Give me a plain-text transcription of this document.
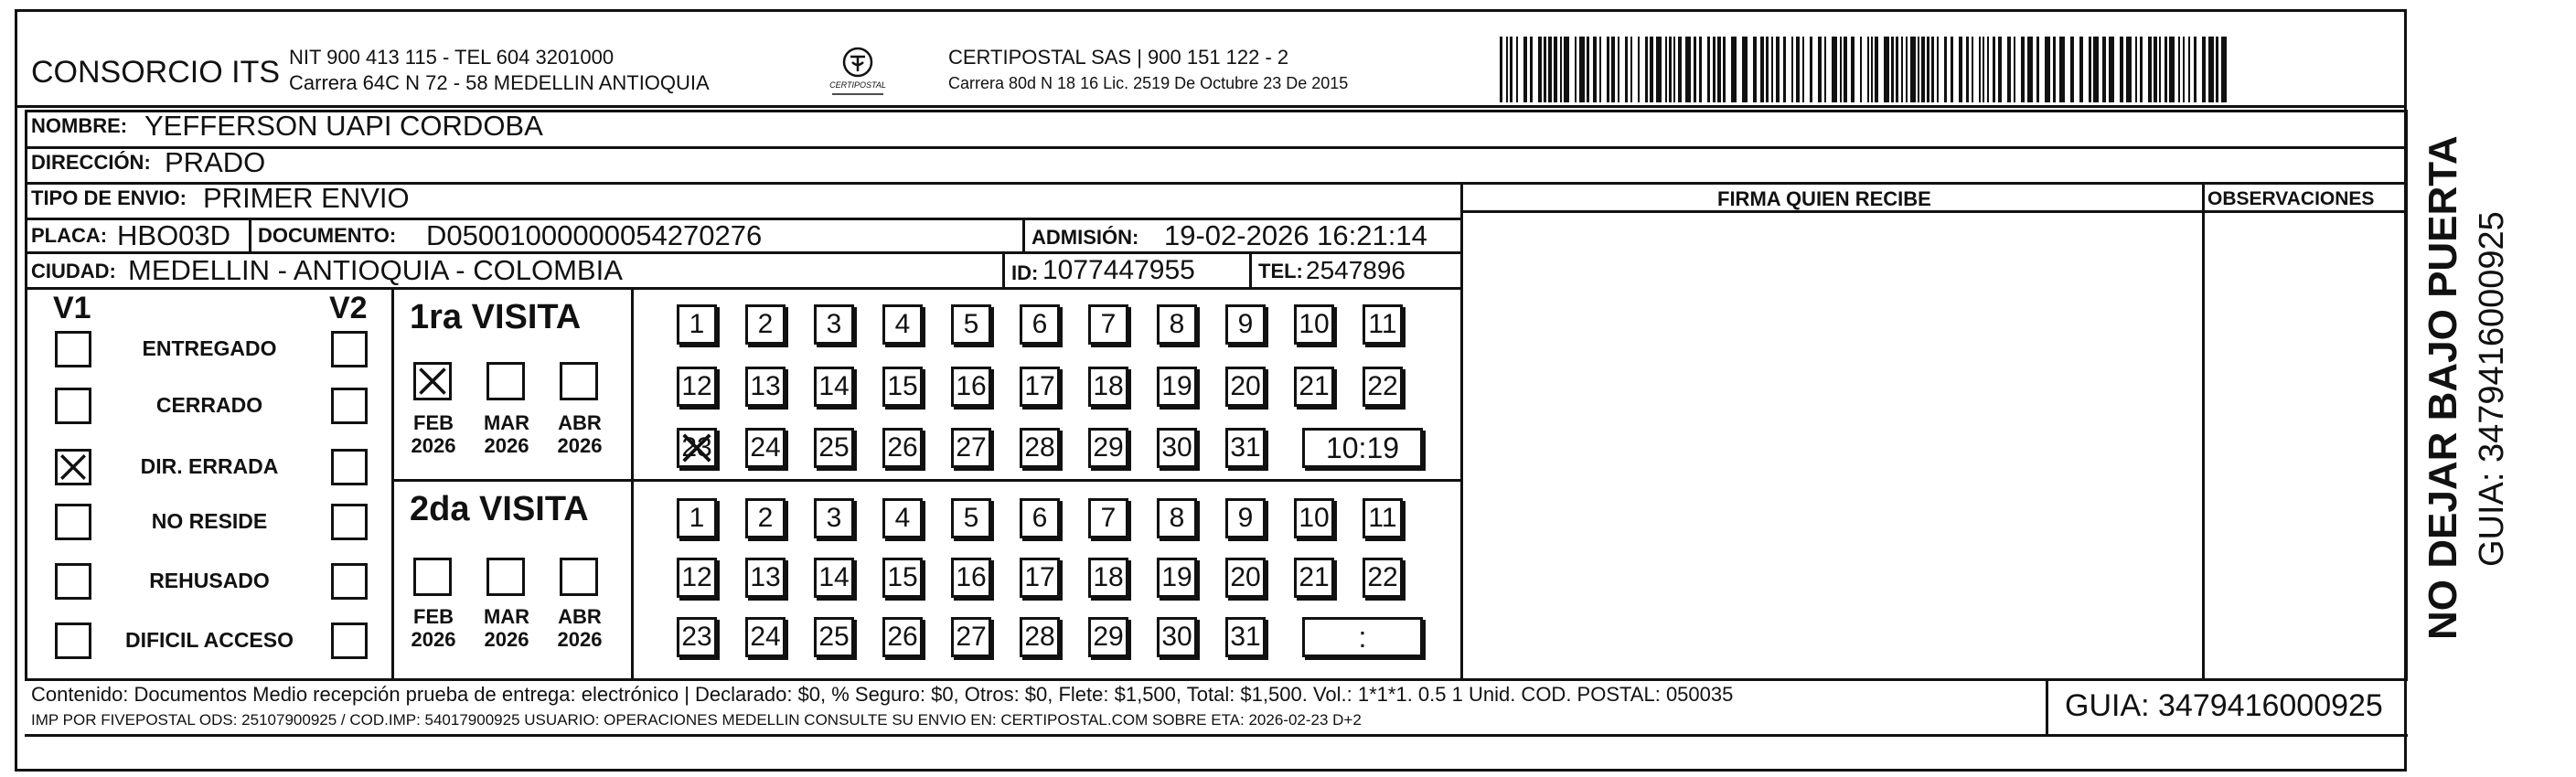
CONSORCIO ITS NIT 900 413 115 - TEL 604 3201000
Carrera 64C N 72 - 58 MEDELLIN ANTIOQUIA	CERTIPOSTAL
CERTIPOSTAL SAS | 900 151 122 - 2
Carrera 80d N 18 16 Lic. 2519 De Octubre 23 De 2015
NOMBRE: YEFFERSON UAPI CORDOBA
DIRECCIÓN: PRADO
TIPO DE ENVIO: PRIMER ENVIO
PLACA: HBO03D DOCUMENTO: D05001000000054270276	ADMISIÓN: 19-02-2026 16:21:14
CIUDAD: MEDELLIN - ANTIOQUIA - COLOMBIA	ID: 1077447955	TEL: 2547896
FIRMA QUIEN RECIBE	OBSERVACIONES
V1	V2
ENTREGADO
CERRADO
DIR. ERRADA
NO RESIDE
REHUSADO
DIFICIL ACCESO
1ra VISITA
2da VISITA
FEB
2026
MAR
2026
ABR
2026
FEB
2026
MAR
2026
ABR
2026
1	2	3	4	5	6	7	8	9	10 11
12 13 14 15 16 17 18 19 20 21 22
23 24 25 26 27 28 29 30 31	10:19
1	2	3	4	5	6	7	8	9	10 11
12 13 14 15 16 17 18 19 20 21 22
23 24 25 26 27 28 29 30 31	:
Contenido: Documentos Medio recepción prueba de entrega: electrónico | Declarado: $0, % Seguro: $0, Otros: $0, Flete: $1,500, Total: $1,500. Vol.: 1*1*1. 0.5 1 Unid. COD. POSTAL: 050035
IMP POR FIVEPOSTAL ODS: 25107900925 / COD.IMP: 54017900925 USUARIO: OPERACIONES MEDELLIN CONSULTE SU ENVIO EN: CERTIPOSTAL.COM SOBRE ETA: 2026-02-23 D+2	GUIA: 3479416000925
NO DEJAR BAJO PUERTA GUIA: 3479416000925
